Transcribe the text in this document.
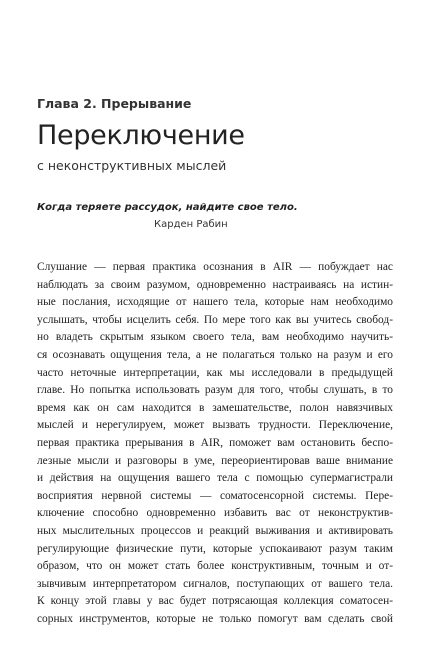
Глава 2. Прерывание
Переключение
с неконструктивных мыслей
Когда теряете рассудок, найдите свое тело.
Карден Рабин
Слушание — первая практика осознания в AIR — побуждает нас
наблюдать за своим разумом, одновременно настраиваясь на истин-
ные послания, исходящие от нашего тела, которые нам необходимо
услышать, чтобы исцелить себя. По мере того как вы учитесь свобод-
но владеть скрытым языком своего тела, вам необходимо научить-
ся осознавать ощущения тела, а не полагаться только на разум и его
часто неточные интерпретации, как мы исследовали в предыдущей
главе. Но попытка использовать разум для того, чтобы слушать, в то
время как он сам находится в замешательстве, полон навязчивых
мыслей и нерегулируем, может вызвать трудности. Переключение,
первая практика прерывания в AIR, поможет вам остановить беспо-
лезные мысли и разговоры в уме, переориентировав ваше внимание
и действия на ощущения вашего тела с помощью супермагистрали
восприятия нервной системы — соматосенсорной системы. Пере-
ключение способно одновременно избавить вас от неконструктив-
ных мыслительных процессов и реакций выживания и активировать
регулирующие физические пути, которые успокаивают разум таким
образом, что он может стать более конструктивным, точным и от-
зывчивым интерпретатором сигналов, поступающих от вашего тела.
К концу этой главы у вас будет потрясающая коллекция соматосен-
сорных инструментов, которые не только помогут вам сделать свой
